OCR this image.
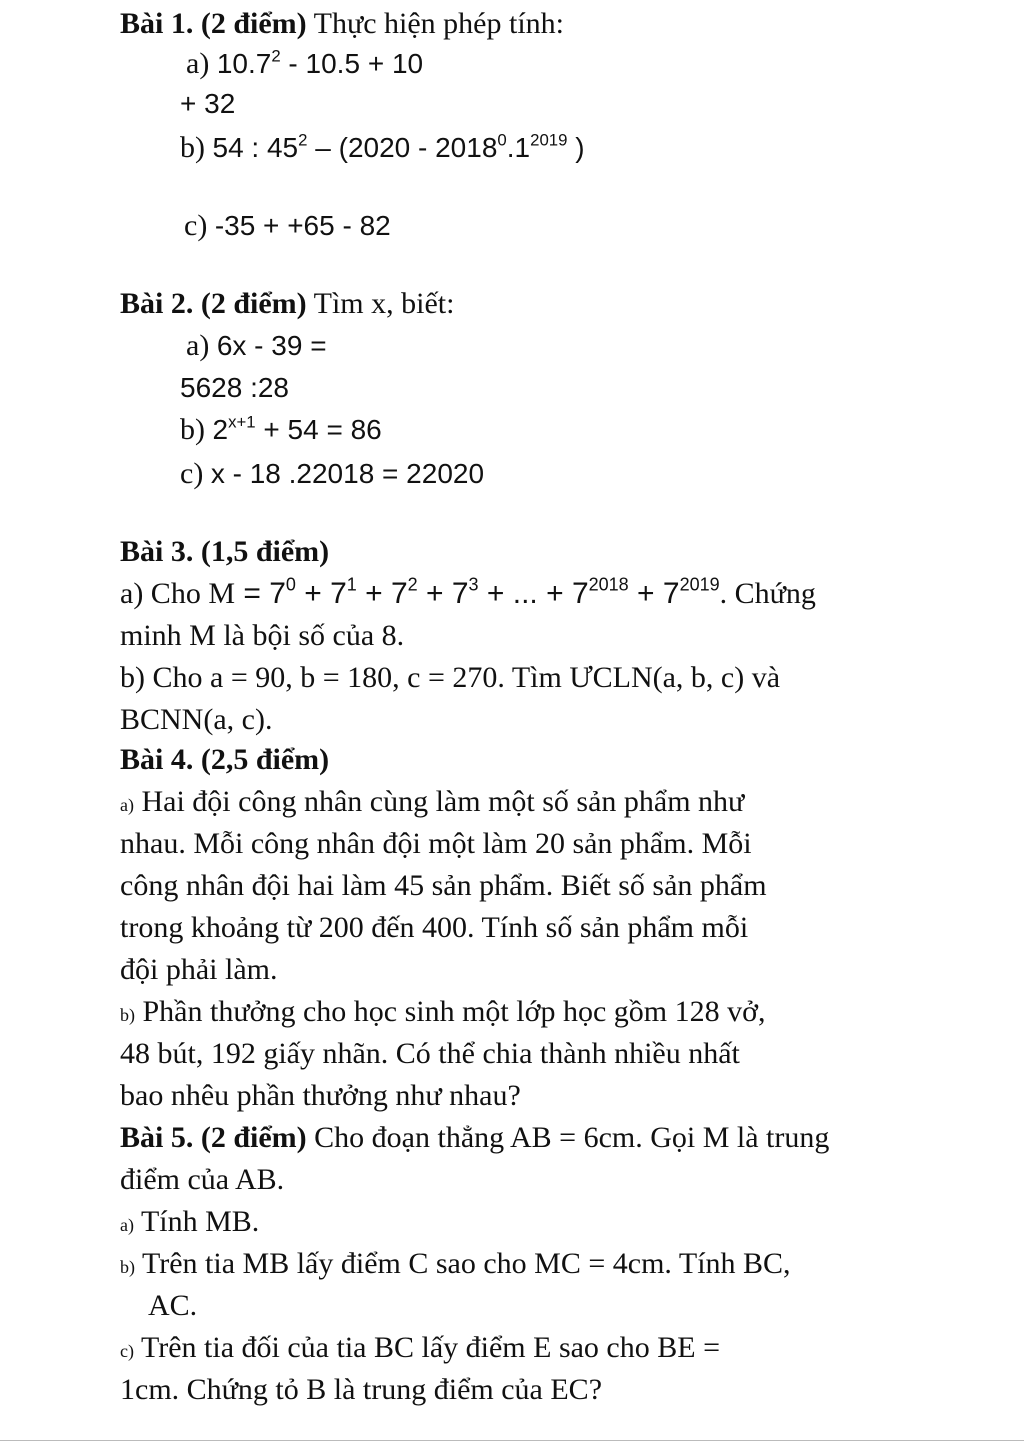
Bài 1. (2 điểm) Thực hiện phép tính:
a) 10.7$^2$ - 10.5 + 10
+ 32
b) 54 : $45^2 - (2020 - 2018^0.1^{2019}$ )
c) -35 + +65 - 82
Bài 2. (2 điểm) Tìm x, biết:
a) 6x - 39 =
5628 :28
b) $2^{x+1} + 54 = 86$
c) x - 18 .22018 = 22020
Bài 3. (1,5 điểm)
a) Cho $M = 7^0 + 7^1 + 7^2 + 7^3$ + ... + $7^{2018} + 7^{2019}$. Chứng
minh M là bội số của 8.
b) Cho a = 90, b = 180, c = 270. Tìm ƯCLN(a, b, c) và
BCNN(a, c).
Bài 4. (2,5 điểm)
a) Hai đội công nhân cùng làm một số sản phẩm như
nhau. Mỗi công nhân đội một làm 20 sản phẩm. Mỗi
công nhân đội hai làm 45 sản phẩm. Biết số sản phẩm
trong khoảng từ 200 đến 400. Tính số sản phẩm mỗi
đội phải làm.
b) Phần thưởng cho học sinh một lớp học gồm 128 vở,
48 bút, 192 giấy nhãn. Có thể chia thành nhiều nhất
bao nhêu phần thưởng như nhau?
Bài 5. (2 điểm) Cho đoạn thẳng AB = 6cm. Gọi M là trung
điểm của AB.
a) Tính MB.
b) Trên tia MB lấy điểm C sao cho MC = 4cm. Tính BC,
AC.
c) Trên tia đối của tia BC lấy điểm E sao cho BE =
1cm. Chứng tỏ B là trung điểm của EC?
